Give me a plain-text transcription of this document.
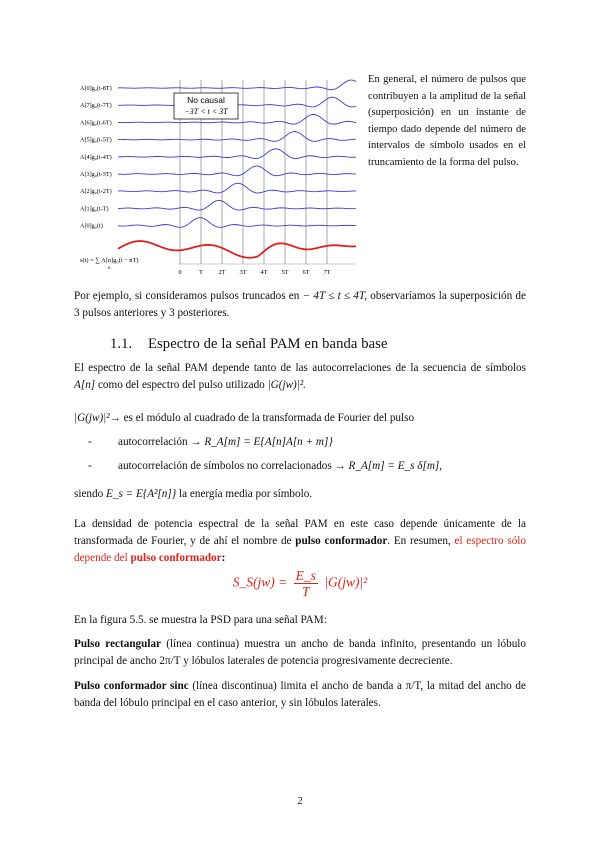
A[0]g₀(t-8T)
A[7]g₀(t-7T)
A[6]g₀(t-6T)
A[5]g₀(t-5T)
A[4]g₀(t-4T)
A[3]g₀(t-3T)
A[2]g₀(t-2T)
A[1]g₀(t-T)
A[0]g₀(t)
0	T 2T 3T 4T 5T 6T 7T
No causal
−3T < t < 3T
s(t) = ∑ A[n]g₀(t − nT)
n
En general, el número de pulsos que contribuyen a la amplitud de la señal (superposición) en un instante de tiempo dado depende del número de intervalos de símbolo usados en el truncamiento de la forma del pulso.
Por ejemplo, si consideramos pulsos truncados en − 4T ≤ t ≤ 4T, observaríamos la superposición de 3 pulsos anteriores y 3 posteriores.
1.1. Espectro de la señal PAM en banda base
El espectro de la señal PAM depende tanto de las autocorrelaciones de la secuencia de símbolos A[n] como del espectro del pulso utilizado |G(jw)|².
|G(jw)|²→ es el módulo al cuadrado de la transformada de Fourier del pulso
- autocorrelación → R_A[m] = E{A[n]A[n + m]}
- autocorrelación de símbolos no correlacionados → R_A[m] = E_s δ[m],
siendo E_s = E{A²[n]} la energía media por símbolo.
La densidad de potencia espectral de la señal PAM en este caso depende únicamente de la transformada de Fourier, y de ahí el nombre de pulso conformador. En resumen, el espectro sólo depende del pulso conformador:
S_S(jw) = $\frac{E\_s}{T} |G(jw)|^2$
En la figura 5.5. se muestra la PSD para una señal PAM:
Pulso rectangular (línea continua) muestra un ancho de banda infinito, presentando un lóbulo principal de ancho 2π/T y lóbulos laterales de potencia progresivamente decreciente.
Pulso conformador sinc (línea discontinua) limita el ancho de banda a π/T, la mitad del ancho de banda del lóbulo principal en el caso anterior, y sin lóbulos laterales.
2
